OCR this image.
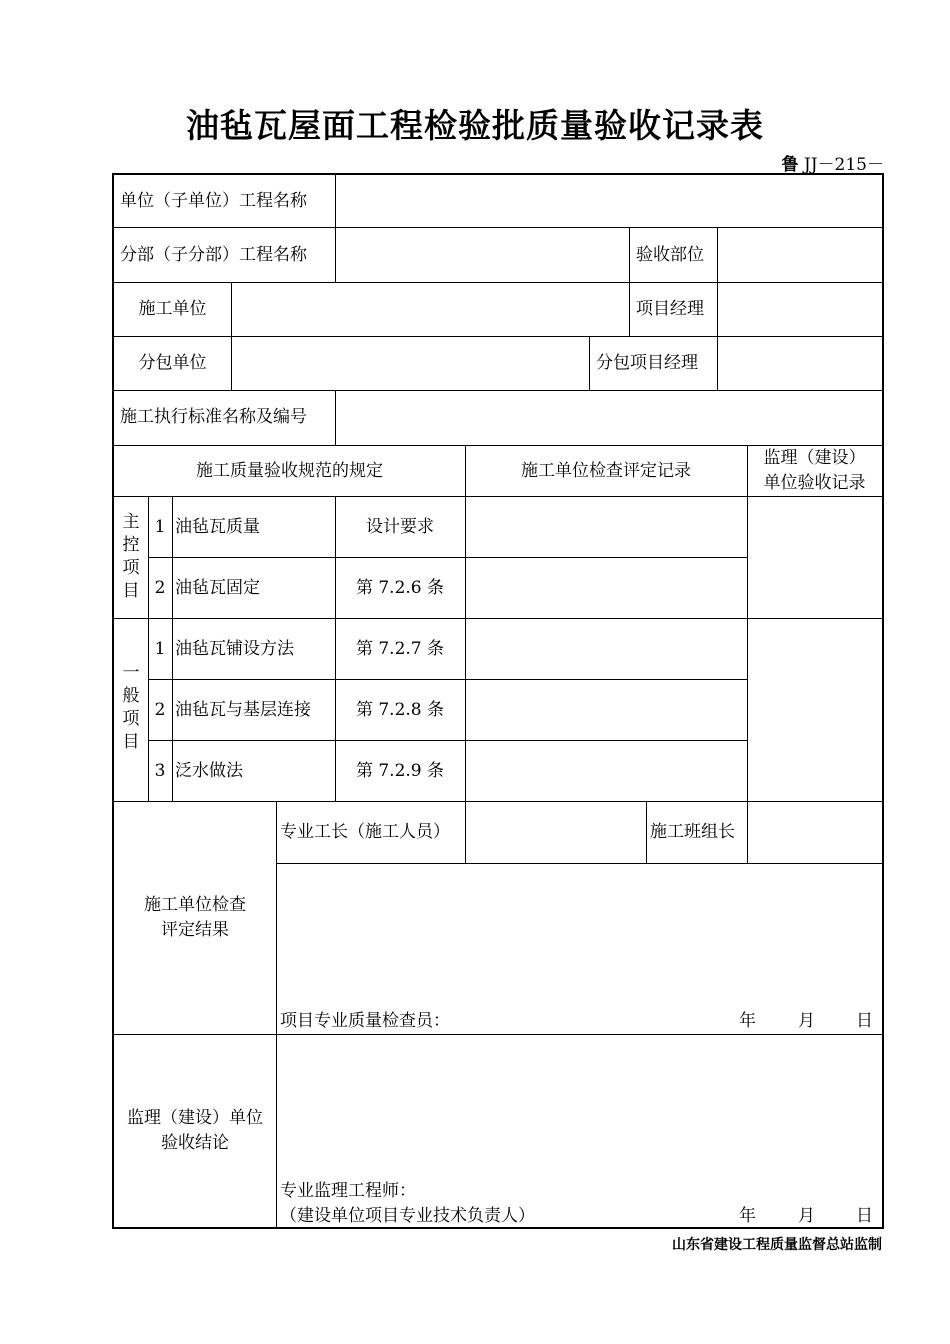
油毡瓦屋面工程检验批质量验收记录表
鲁 JJ－215－
单位（子单位）工程名称
分部（子分部）工程名称	验收部位
施工单位	项目经理
分包单位	分包项目经理
施工执行标准名称及编号
施工质量验收规范的规定	施工单位检查评定记录
监理（建设）
单位验收记录
主
控
项
目
1 油毡瓦质量	设计要求
2 油毡瓦固定	第 7.2.6 条
一
般
项
目
1 油毡瓦铺设方法	第 7.2.7 条
2 油毡瓦与基层连接	第 7.2.8 条
3 泛水做法	第 7.2.9 条
专业工长（施工人员）	施工班组长
施工单位检查
评定结果
项目专业质量检查员：	年 月 日
监理（建设）单位
验收结论
专业监理工程师：
（建设单位项目专业技术负责人）	年 月 日
山东省建设工程质量监督总站监制
